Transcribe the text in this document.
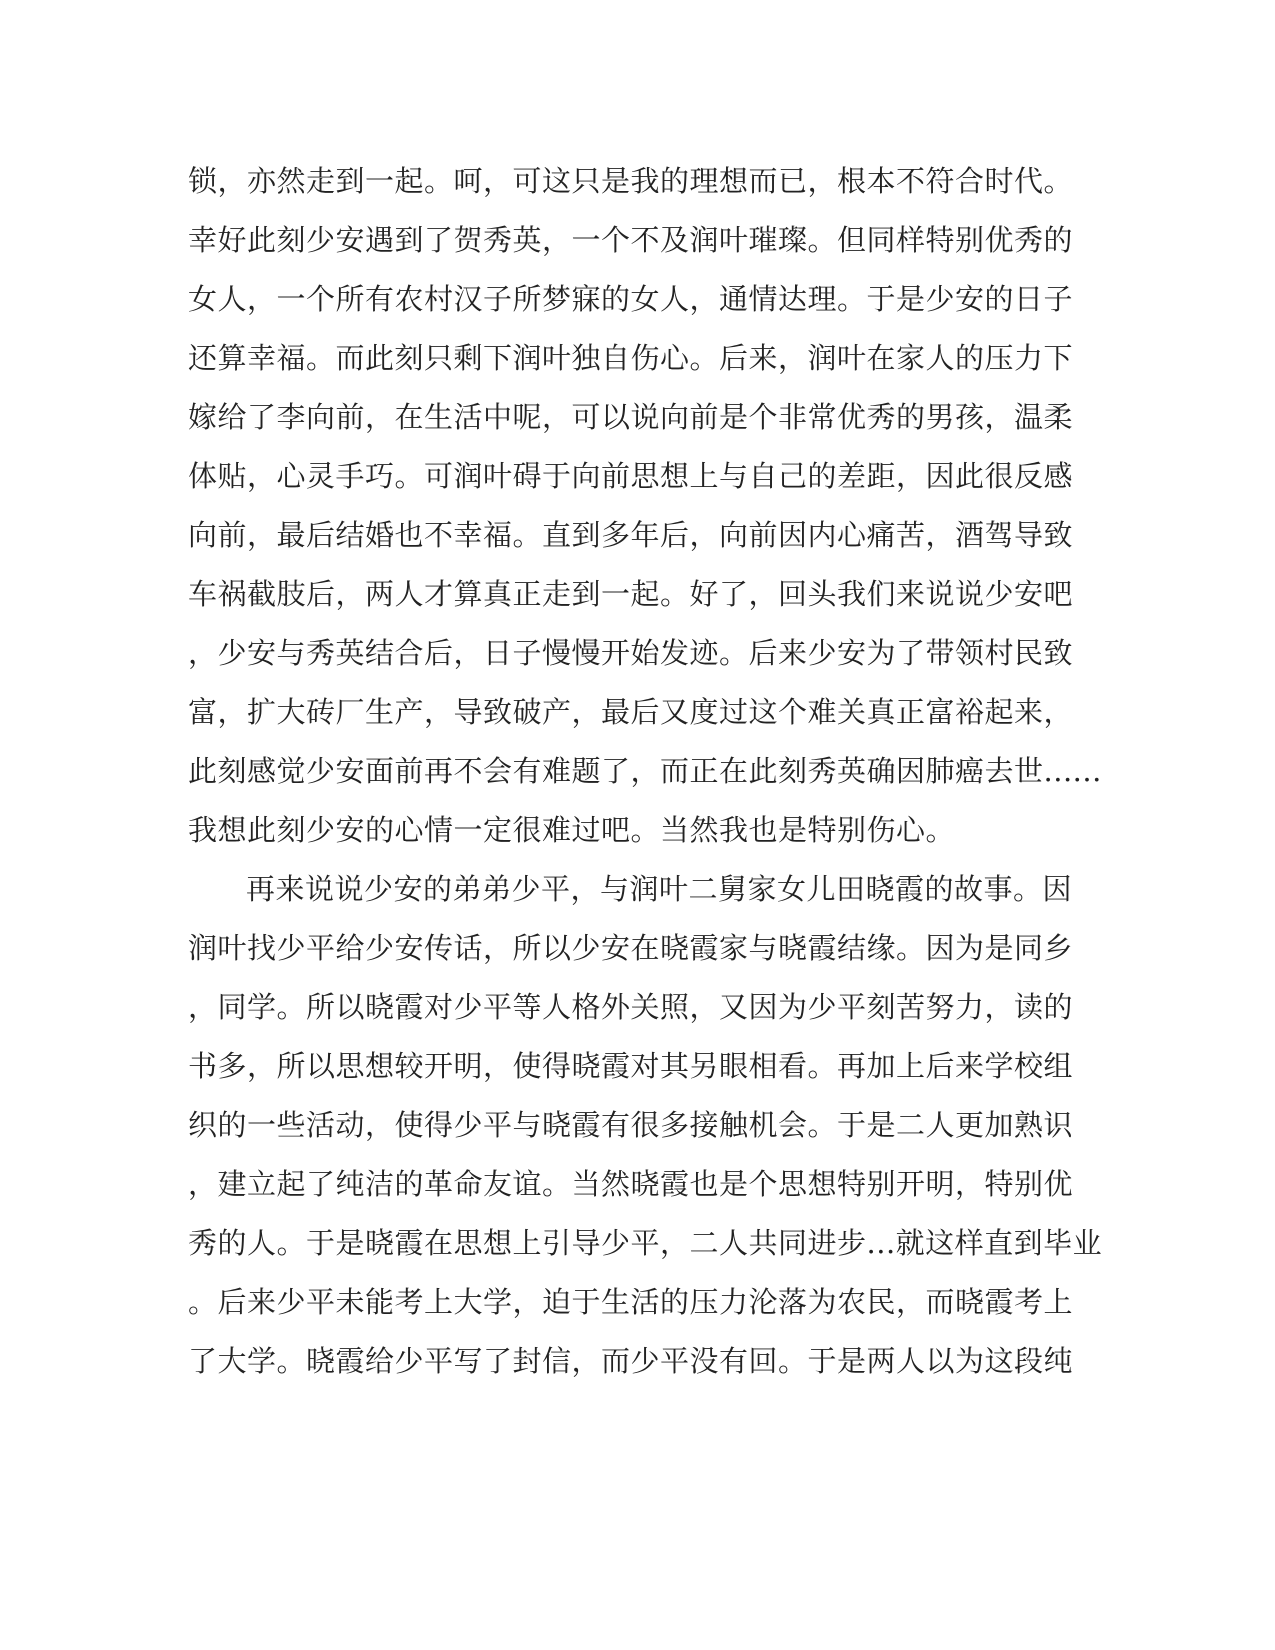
锁，亦然走到一起。呵，可这只是我的理想而已，根本不符合时代。
幸好此刻少安遇到了贺秀英，一个不及润叶璀璨。但同样特别优秀的
女人，一个所有农村汉子所梦寐的女人，通情达理。于是少安的日子
还算幸福。而此刻只剩下润叶独自伤心。后来，润叶在家人的压力下
嫁给了李向前，在生活中呢，可以说向前是个非常优秀的男孩，温柔
体贴，心灵手巧。可润叶碍于向前思想上与自己的差距，因此很反感
向前，最后结婚也不幸福。直到多年后，向前因内心痛苦，酒驾导致
车祸截肢后，两人才算真正走到一起。好了，回头我们来说说少安吧
，少安与秀英结合后，日子慢慢开始发迹。后来少安为了带领村民致
富，扩大砖厂生产，导致破产，最后又度过这个难关真正富裕起来，
此刻感觉少安面前再不会有难题了，而正在此刻秀英确因肺癌去世......
我想此刻少安的心情一定很难过吧。当然我也是特别伤心。
再来说说少安的弟弟少平，与润叶二舅家女儿田晓霞的故事。因
润叶找少平给少安传话，所以少安在晓霞家与晓霞结缘。因为是同乡
，同学。所以晓霞对少平等人格外关照，又因为少平刻苦努力，读的
书多，所以思想较开明，使得晓霞对其另眼相看。再加上后来学校组
织的一些活动，使得少平与晓霞有很多接触机会。于是二人更加熟识
，建立起了纯洁的革命友谊。当然晓霞也是个思想特别开明，特别优
秀的人。于是晓霞在思想上引导少平，二人共同进步...就这样直到毕业
。后来少平未能考上大学，迫于生活的压力沦落为农民，而晓霞考上
了大学。晓霞给少平写了封信，而少平没有回。于是两人以为这段纯
